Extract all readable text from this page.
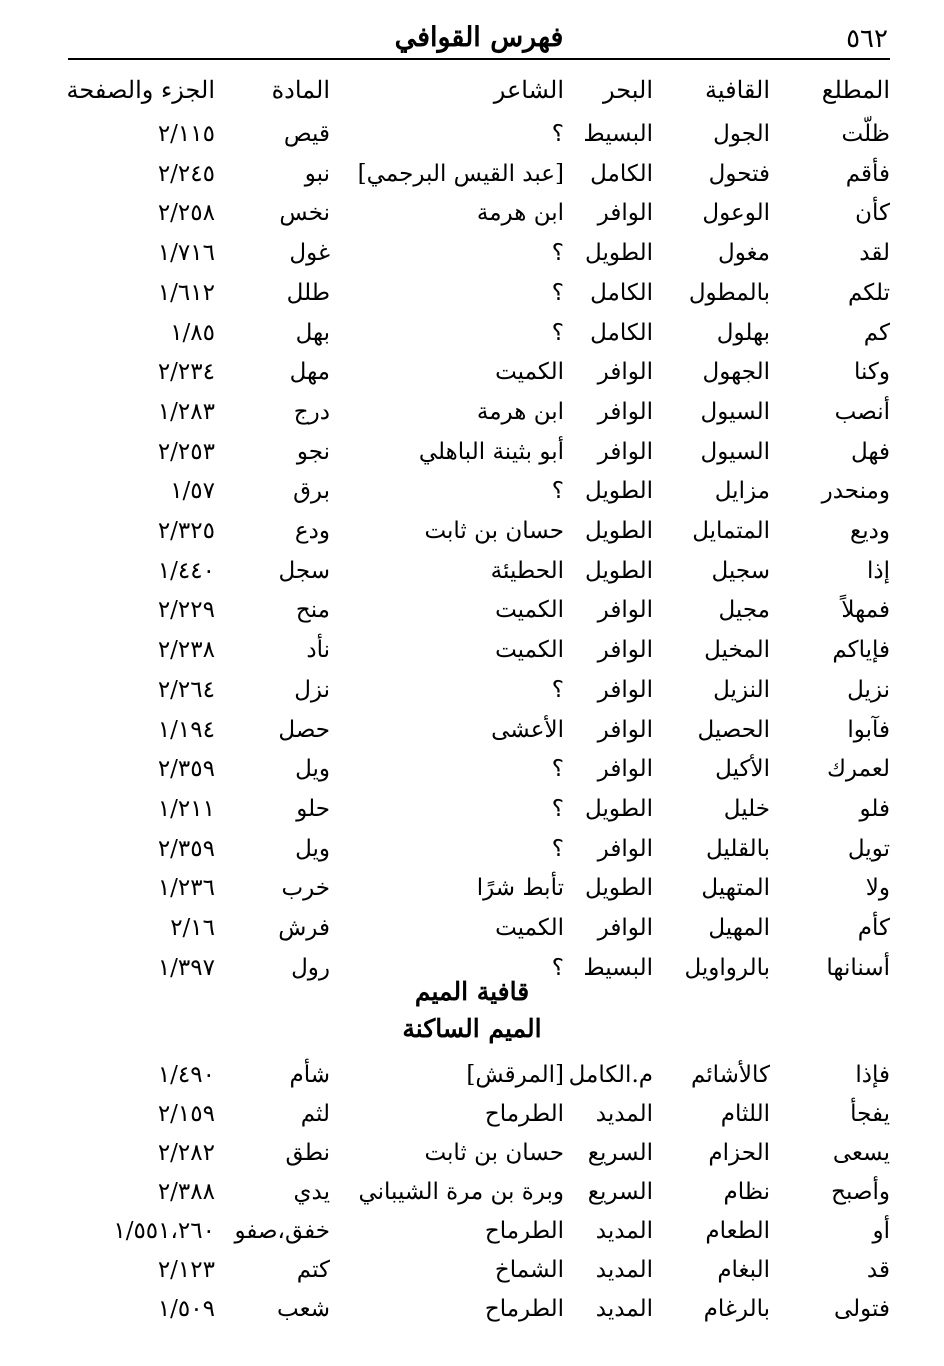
٥٦٢
فهرس القوافي
المطلع
القافية
البحر
الشاعر
المادة
الجزء والصفحة
ظلّت
الجول
البسيط
؟
قيص
٢/١١٥
فأقم
فتحول
الكامل
[عبد القيس البرجمي]
نبو
٢/٢٤٥
كأن
الوعول
الوافر
ابن هرمة
نخس
٢/٢٥٨
لقد
مغول
الطويل
؟
غول
١/٧١٦
تلكم
بالمطول
الكامل
؟
طلل
١/٦١٢
كم
بهلول
الكامل
؟
بهل
١/٨٥
وكنا
الجهول
الوافر
الكميت
مهل
٢/٢٣٤
أنصب
السيول
الوافر
ابن هرمة
درج
١/٢٨٣
فهل
السيول
الوافر
أبو بثينة الباهلي
نجو
٢/٢٥٣
ومنحدر
مزايل
الطويل
؟
برق
١/٥٧
وديع
المتمايل
الطويل
حسان بن ثابت
ودع
٢/٣٢٥
إذا
سجيل
الطويل
الحطيئة
سجل
١/٤٤٠
فمهلاً
مجيل
الوافر
الكميت
منح
٢/٢٢٩
فإياكم
المخيل
الوافر
الكميت
نأد
٢/٢٣٨
نزيل
النزيل
الوافر
؟
نزل
٢/٢٦٤
فآبوا
الحصيل
الوافر
الأعشى
حصل
١/١٩٤
لعمرك
الأكيل
الوافر
؟
ويل
٢/٣٥٩
فلو
خليل
الطويل
؟
حلو
١/٢١١
تويل
بالقليل
الوافر
؟
ويل
٢/٣٥٩
ولا
المتهيل
الطويل
تأبط شرًا
خرب
١/٢٣٦
كأم
المهيل
الوافر
الكميت
فرش
٢/١٦
أسنانها
بالرواويل
البسيط
؟
رول
١/٣٩٧
قافية الميم
الميم الساكنة
فإذا
كالأشائم
م.الكامل
[المرقش]
شأم
١/٤٩٠
يفجأ
اللثام
المديد
الطرماح
لثم
٢/١٥٩
يسعى
الحزام
السريع
حسان بن ثابت
نطق
٢/٢٨٢
وأصبح
نظام
السريع
وبرة بن مرة الشيباني
يدي
٢/٣٨٨
أو
الطعام
المديد
الطرماح
خفق،صفو
١/٥٥١،٢٦٠
قد
البغام
المديد
الشماخ
كتم
٢/١٢٣
فتولى
بالرغام
المديد
الطرماح
شعب
١/٥٠٩
